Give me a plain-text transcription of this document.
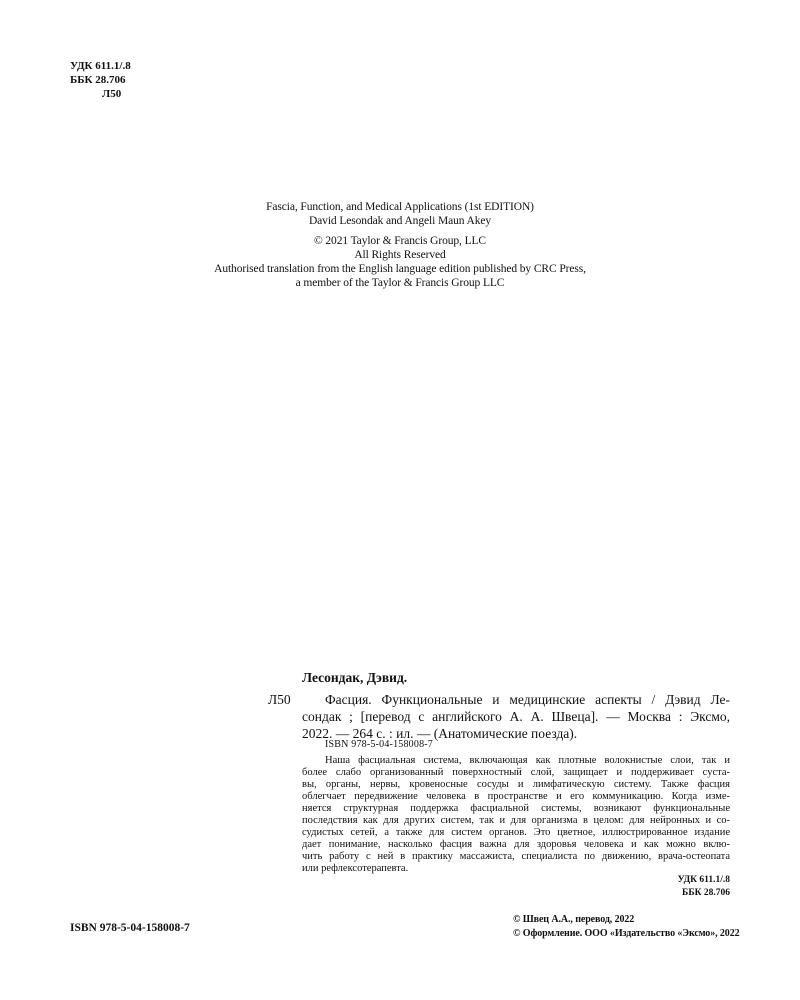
УДК 611.1/.8
ББК 28.706
Л50
Fascia, Function, and Medical Applications (1st EDITION)
David Lesondak and Angeli Maun Akey
© 2021 Taylor & Francis Group, LLC
All Rights Reserved
Authorised translation from the English language edition published by CRC Press,
a member of the Taylor & Francis Group LLC
Лесондак, Дэвид.
Л50	Фасция. Функциональные и медицинские аспекты / Дэвид Ле-
сондак ; [перевод с английского А. А. Швеца]. — Москва : Эксмо,
2022. — 264 с. : ил. — (Анатомические поезда).
ISBN 978-5-04-158008-7
Наша фасциальная система, включающая как плотные волокнистые слои, так и
более слабо организованный поверхностный слой, защищает и поддерживает суста-
вы, органы, нервы, кровеносные сосуды и лимфатическую систему. Также фасция
облегчает передвижение человека в пространстве и его коммуникацию. Когда изме-
няется структурная поддержка фасциальной системы, возникают функциональные
последствия как для других систем, так и для организма в целом: для нейронных и со-
судистых сетей, а также для систем органов. Это цветное, иллюстрированное издание
дает понимание, насколько фасция важна для здоровья человека и как можно вклю-
чить работу с ней в практику массажиста, специалиста по движению, врача-остеопата
или рефлексотерапевта.
УДК 611.1/.8
ББК 28.706
ISBN 978-5-04-158008-7
© Швец А.А., перевод, 2022
© Оформление. ООО «Издательство «Эксмо», 2022
